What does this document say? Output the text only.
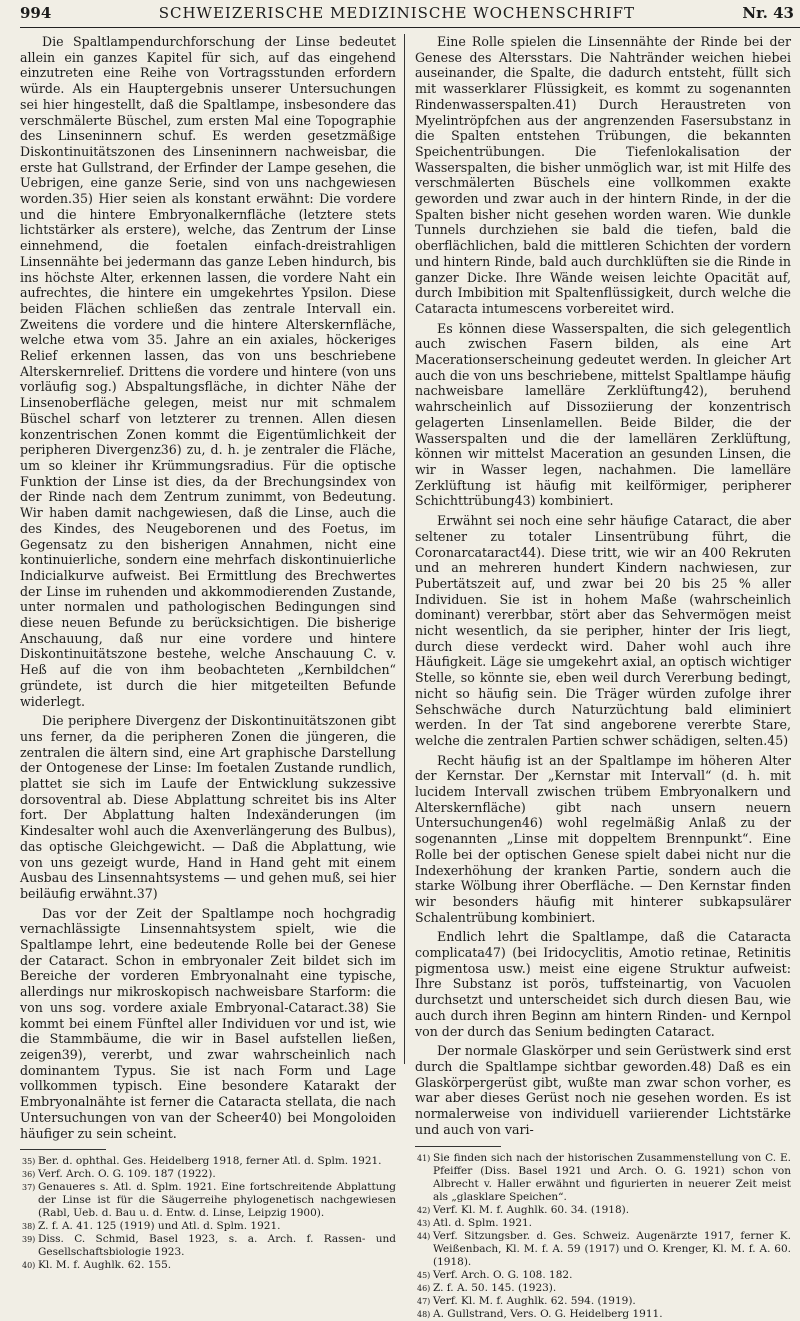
994	SCHWEIZERISCHE MEDIZINISCHE WOCHENSCHRIFT	Nr. 43

Die Spaltlampendurchforschung der Linse bedeutet allein ein ganzes Kapitel für sich, auf das eingehend einzutreten eine Reihe von Vortragsstunden erfordern würde. Als ein Hauptergebnis unserer Untersuchungen sei hier hingestellt, daß die Spaltlampe, insbesondere das verschmälerte Büschel, zum ersten Mal eine Topographie des Linseninnern schuf. Es werden gesetzmäßige Diskontinuitätszonen des Linseninnern nachweisbar, die erste hat Gullstrand, der Erfinder der Lampe gesehen, die Uebrigen, eine ganze Serie, sind von uns nachgewiesen worden.35) Hier seien als konstant erwähnt: Die vordere und die hintere Embryonalkernfläche (letztere stets lichtstärker als erstere), welche, das Zentrum der Linse einnehmend, die foetalen einfach-dreistrahligen Linsennähte bei jedermann das ganze Leben hindurch, bis ins höchste Alter, erkennen lassen, die vordere Naht ein aufrechtes, die hintere ein umgekehrtes Ypsilon. Diese beiden Flächen schließen das zentrale Intervall ein. Zweitens die vordere und die hintere Alterskernfläche, welche etwa vom 35. Jahre an ein axiales, höckeriges Relief erkennen lassen, das von uns beschriebene Alterskernrelief. Drittens die vordere und hintere (von uns vorläufig sog.) Abspaltungsfläche, in dichter Nähe der Linsenoberfläche gelegen, meist nur mit schmalem Büschel scharf von letzterer zu trennen. Allen diesen konzentrischen Zonen kommt die Eigentümlichkeit der peripheren Divergenz36) zu, d. h. je zentraler die Fläche, um so kleiner ihr Krümmungsradius. Für die optische Funktion der Linse ist dies, da der Brechungsindex von der Rinde nach dem Zentrum zunimmt, von Bedeutung. Wir haben damit nachgewiesen, daß die Linse, auch die des Kindes, des Neugeborenen und des Foetus, im Gegensatz zu den bisherigen Annahmen, nicht eine kontinuierliche, sondern eine mehrfach diskontinuierliche Indicialkurve aufweist. Bei Ermittlung des Brechwertes der Linse im ruhenden und akkommodierenden Zustande, unter normalen und pathologischen Bedingungen sind diese neuen Befunde zu berücksichtigen. Die bisherige Anschauung, daß nur eine vordere und hintere Diskontinuitätszone bestehe, welche Anschauung C. v. Heß auf die von ihm beobachteten „Kernbildchen“ gründete, ist durch die hier mitgeteilten Befunde widerlegt.

Die periphere Divergenz der Diskontinuitätszonen gibt uns ferner, da die peripheren Zonen die jüngeren, die zentralen die ältern sind, eine Art graphische Darstellung der Ontogenese der Linse: Im foetalen Zustande rundlich, plattet sie sich im Laufe der Entwicklung sukzessive dorsoventral ab. Diese Abplattung schreitet bis ins Alter fort. Der Abplattung halten Indexänderungen (im Kindesalter wohl auch die Axenverlängerung des Bulbus), das optische Gleichgewicht. — Daß die Abplattung, wie von uns gezeigt wurde, Hand in Hand geht mit einem Ausbau des Linsennahtsystems — und gehen muß, sei hier beiläufig erwähnt.37)

Das vor der Zeit der Spaltlampe noch hochgradig vernachlässigte Linsennahtsystem spielt, wie die Spaltlampe lehrt, eine bedeutende Rolle bei der Genese der Cataract. Schon in embryonaler Zeit bildet sich im Bereiche der vorderen Embryonalnaht eine typische, allerdings nur mikroskopisch nachweisbare Starform: die von uns sog. vordere axiale Embryonal-Cataract.38) Sie kommt bei einem Fünftel aller Individuen vor und ist, wie die Stammbäume, die wir in Basel aufstellen ließen, zeigen39), vererbt, und zwar wahrscheinlich nach dominantem Typus. Sie ist nach Form und Lage vollkommen typisch. Eine besondere Katarakt der Embryonalnähte ist ferner die Cataracta stellata, die nach Untersuchungen von van der Scheer40) bei Mongoloiden häufiger zu sein scheint.

35) Ber. d. ophthal. Ges. Heidelberg 1918, ferner Atl. d. Splm. 1921.

36) Verf. Arch. O. G. 109. 187 (1922).

37) Genaueres s. Atl. d. Splm. 1921. Eine fortschreitende Abplattung der Linse ist für die Säugerreihe phylogenetisch nachgewiesen (Rabl, Ueb. d. Bau u. d. Entw. d. Linse, Leipzig 1900).

38) Z. f. A. 41. 125 (1919) und Atl. d. Splm. 1921.

39) Diss. C. Schmid, Basel 1923, s. a. Arch. f. Rassen- und Gesellschaftsbiologie 1923.

40) Kl. M. f. Aughlk. 62. 155.

Eine Rolle spielen die Linsennähte der Rinde bei der Genese des Altersstars. Die Nahtränder weichen hiebei auseinander, die Spalte, die dadurch entsteht, füllt sich mit wasserklarer Flüssigkeit, es kommt zu sogenannten Rindenwasserspalten.41) Durch Heraustreten von Myelintröpfchen aus der angrenzenden Fasersubstanz in die Spalten entstehen Trübungen, die bekannten Speichentrübungen. Die Tiefenlokalisation der Wasserspalten, die bisher unmöglich war, ist mit Hilfe des verschmälerten Büschels eine vollkommen exakte geworden und zwar auch in der hintern Rinde, in der die Spalten bisher nicht gesehen worden waren. Wie dunkle Tunnels durchziehen sie bald die tiefen, bald die oberflächlichen, bald die mittleren Schichten der vordern und hintern Rinde, bald auch durchklüften sie die Rinde in ganzer Dicke. Ihre Wände weisen leichte Opacität auf, durch Imbibition mit Spaltenflüssigkeit, durch welche die Cataracta intumescens vorbereitet wird.

Es können diese Wasserspalten, die sich gelegentlich auch zwischen Fasern bilden, als eine Art Macerationserscheinung gedeutet werden. In gleicher Art auch die von uns beschriebene, mittelst Spaltlampe häufig nachweisbare lamelläre Zerklüftung42), beruhend wahrscheinlich auf Dissoziierung der konzentrisch gelagerten Linsenlamellen. Beide Bilder, die der Wasserspalten und die der lamellären Zerklüftung, können wir mittelst Maceration an gesunden Linsen, die wir in Wasser legen, nachahmen. Die lamelläre Zerklüftung ist häufig mit keilförmiger, peripherer Schichttrübung43) kombiniert.

Erwähnt sei noch eine sehr häufige Cataract, die aber seltener zu totaler Linsentrübung führt, die Coronarcataract44). Diese tritt, wie wir an 400 Rekruten und an mehreren hundert Kindern nachwiesen, zur Pubertätszeit auf, und zwar bei 20 bis 25 % aller Individuen. Sie ist in hohem Maße (wahrscheinlich dominant) vererbbar, stört aber das Sehvermögen meist nicht wesentlich, da sie peripher, hinter der Iris liegt, durch diese verdeckt wird. Daher wohl auch ihre Häufigkeit. Läge sie umgekehrt axial, an optisch wichtiger Stelle, so könnte sie, eben weil durch Vererbung bedingt, nicht so häufig sein. Die Träger würden zufolge ihrer Sehschwäche durch Naturzüchtung bald eliminiert werden. In der Tat sind angeborene vererbte Stare, welche die zentralen Partien schwer schädigen, selten.45)

Recht häufig ist an der Spaltlampe im höheren Alter der Kernstar. Der „Kernstar mit Intervall“ (d. h. mit lucidem Intervall zwischen trübem Embryonalkern und Alterskernfläche) gibt nach unsern neuern Untersuchungen46) wohl regelmäßig Anlaß zu der sogenannten „Linse mit doppeltem Brennpunkt“. Eine Rolle bei der optischen Genese spielt dabei nicht nur die Indexerhöhung der kranken Partie, sondern auch die starke Wölbung ihrer Oberfläche. — Den Kernstar finden wir besonders häufig mit hinterer subkapsulärer Schalentrübung kombiniert.

Endlich lehrt die Spaltlampe, daß die Cataracta complicata47) (bei Iridocyclitis, Amotio retinae, Retinitis pigmentosa usw.) meist eine eigene Struktur aufweist: Ihre Substanz ist porös, tuffsteinartig, von Vacuolen durchsetzt und unterscheidet sich durch diesen Bau, wie auch durch ihren Beginn am hintern Rinden- und Kernpol von der durch das Senium bedingten Cataract.

Der normale Glaskörper und sein Gerüstwerk sind erst durch die Spaltlampe sichtbar geworden.48) Daß es ein Glaskörpergerüst gibt, wußte man zwar schon vorher, es war aber dieses Gerüst noch nie gesehen worden. Es ist normalerweise von individuell variierender Lichtstärke und auch von vari-

41) Sie finden sich nach der historischen Zusammenstellung von C. E. Pfeiffer (Diss. Basel 1921 und Arch. O. G. 1921) schon von Albrecht v. Haller erwähnt und figurierten in neuerer Zeit meist als „glasklare Speichen“.

42) Verf. Kl. M. f. Aughlk. 60. 34. (1918).

43) Atl. d. Splm. 1921.

44) Verf. Sitzungsber. d. Ges. Schweiz. Augenärzte 1917, ferner K. Weißenbach, Kl. M. f. A. 59 (1917) und O. Krenger, Kl. M. f. A. 60. (1918).

45) Verf. Arch. O. G. 108. 182.

46) Z. f. A. 50. 145. (1923).

47) Verf. Kl. M. f. Aughlk. 62. 594. (1919).

48) A. Gullstrand, Vers. O. G. Heidelberg 1911.
